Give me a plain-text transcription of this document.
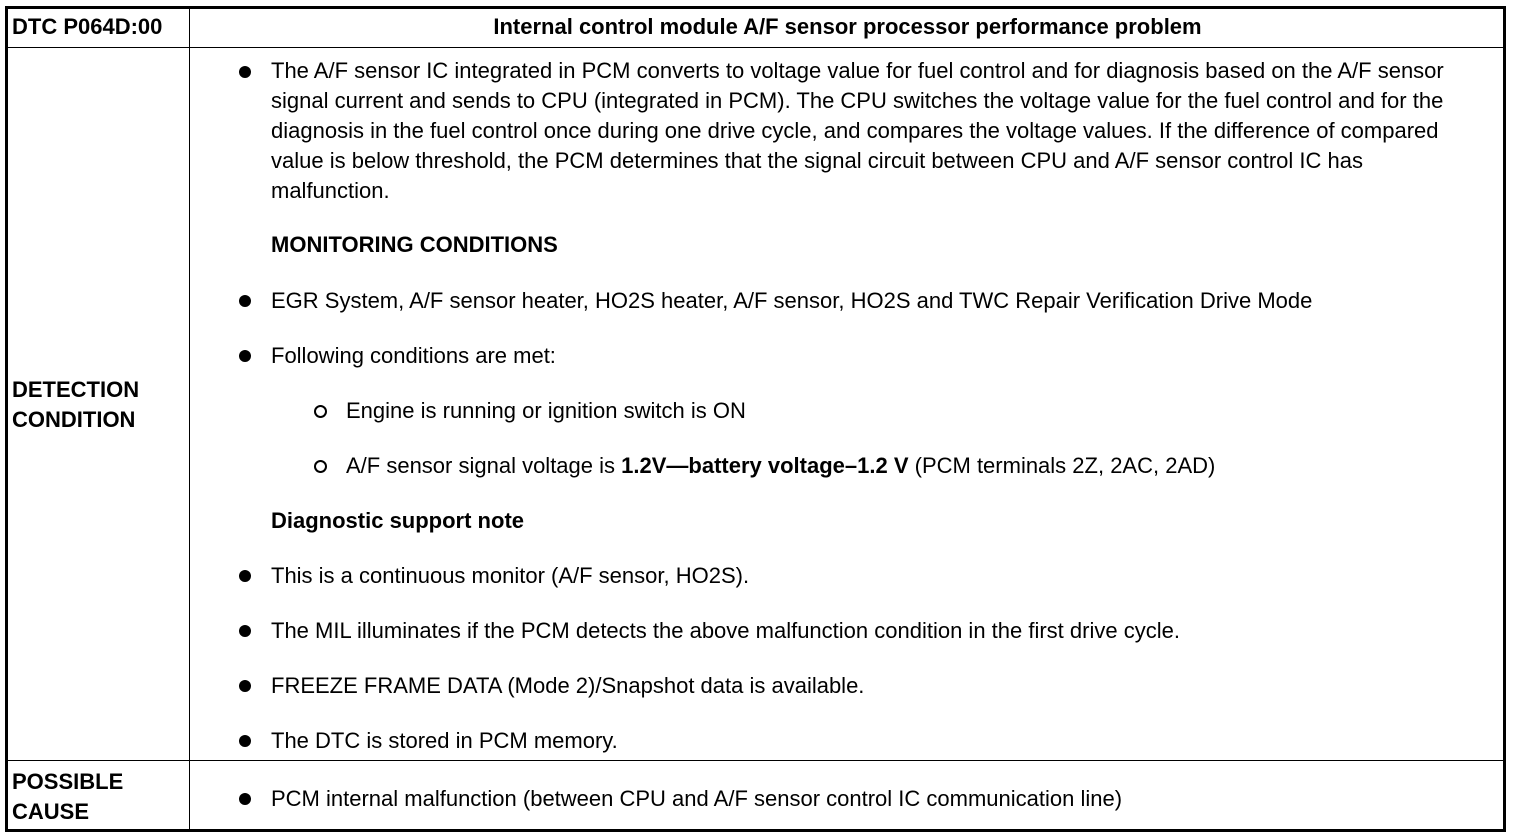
DTC P064D:00	Internal control module A/F sensor processor performance problem
DETECTION
CONDITION
The A/F sensor IC integrated in PCM converts to voltage value for fuel control and for diagnosis based on the A/F sensor signal current and sends to CPU (integrated in PCM). The CPU switches the voltage value for the fuel control and for the diagnosis in the fuel control once during one drive cycle, and compares the voltage values. If the difference of compared value is below threshold, the PCM determines that the signal circuit between CPU and A/F sensor control IC has malfunction.
MONITORING CONDITIONS
EGR System, A/F sensor heater, HO2S heater, A/F sensor, HO2S and TWC Repair Verification Drive Mode
Following conditions are met:
Engine is running or ignition switch is ON
A/F sensor signal voltage is 1.2V—battery voltage–1.2 V (PCM terminals 2Z, 2AC, 2AD)
Diagnostic support note
This is a continuous monitor (A/F sensor, HO2S).
The MIL illuminates if the PCM detects the above malfunction condition in the first drive cycle.
FREEZE FRAME DATA (Mode 2)/Snapshot data is available.
The DTC is stored in PCM memory.
POSSIBLE
CAUSE
PCM internal malfunction (between CPU and A/F sensor control IC communication line)
